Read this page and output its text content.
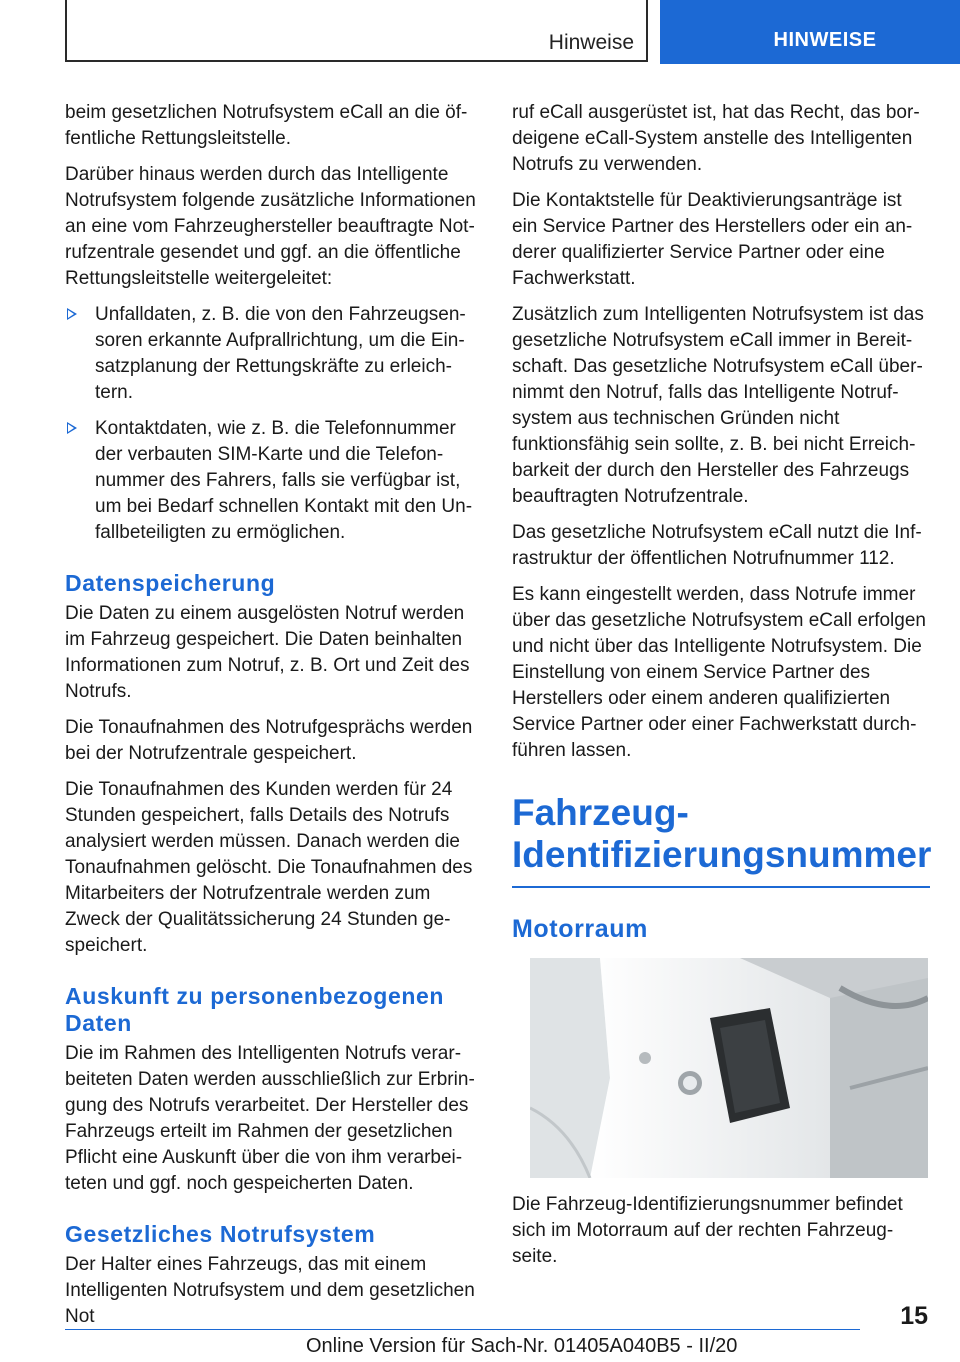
Hinweise	HINWEISE

beim gesetzlichen Notrufsystem eCall an die öffentliche Rettungsleitstelle.

Darüber hinaus werden durch das Intelligente Notrufsystem folgende zusätzliche Informationen an eine vom Fahrzeughersteller beauftragte Notrufzentrale gesendet und ggf. an die öffentliche Rettungsleitstelle weitergeleitet:

Unfalldaten, z. B. die von den Fahrzeugsensoren erkannte Aufprallrichtung, um die Einsatzplanung der Rettungskräfte zu erleichtern.
Kontaktdaten, wie z. B. die Telefonnummer der verbauten SIM-Karte und die Telefonnummer des Fahrers, falls sie verfügbar ist, um bei Bedarf schnellen Kontakt mit den Unfallbeteiligten zu ermöglichen.
Datenspeicherung

Die Daten zu einem ausgelösten Notruf werden im Fahrzeug gespeichert. Die Daten beinhalten Informationen zum Notruf, z. B. Ort und Zeit des Notrufs.

Die Tonaufnahmen des Notrufgesprächs werden bei der Notrufzentrale gespeichert.

Die Tonaufnahmen des Kunden werden für 24 Stunden gespeichert, falls Details des Notrufs analysiert werden müssen. Danach werden die Tonaufnahmen gelöscht. Die Tonaufnahmen des Mitarbeiters der Notrufzentrale werden zum Zweck der Qualitätssicherung 24 Stunden gespeichert.

Auskunft zu personenbezogenen Daten

Die im Rahmen des Intelligenten Notrufs verarbeiteten Daten werden ausschließlich zur Erbringung des Notrufs verarbeitet. Der Hersteller des Fahrzeugs erteilt im Rahmen der gesetzlichen Pflicht eine Auskunft über die von ihm verarbeiteten und ggf. noch gespeicherten Daten.

Gesetzliches Notrufsystem

Der Halter eines Fahrzeugs, das mit einem Intelligenten Notrufsystem und dem gesetzlichen Not

ruf eCall ausgerüstet ist, hat das Recht, das bordeigene eCall-System anstelle des Intelligenten Notrufs zu verwenden.

Die Kontaktstelle für Deaktivierungsanträge ist ein Service Partner des Herstellers oder ein anderer qualifizierter Service Partner oder eine Fachwerkstatt.

Zusätzlich zum Intelligenten Notrufsystem ist das gesetzliche Notrufsystem eCall immer in Bereitschaft. Das gesetzliche Notrufsystem eCall übernimmt den Notruf, falls das Intelligente Notrufsystem aus technischen Gründen nicht funktionsfähig sein sollte, z. B. bei nicht Erreichbarkeit der durch den Hersteller des Fahrzeugs beauftragten Notrufzentrale.

Das gesetzliche Notrufsystem eCall nutzt die Infrastruktur der öffentlichen Notrufnummer 112.

Es kann eingestellt werden, dass Notrufe immer über das gesetzliche Notrufsystem eCall erfolgen und nicht über das Intelligente Notrufsystem. Die Einstellung von einem Service Partner des Herstellers oder einem anderen qualifizierten Service Partner oder einer Fachwerkstatt durchführen lassen.

Fahrzeug-Identifizierungsnummer
Motorraum

Die Fahrzeug-Identifizierungsnummer befindet sich im Motorraum auf der rechten Fahrzeugseite.

15
Online Version für Sach-Nr. 01405A040B5 - II/20
